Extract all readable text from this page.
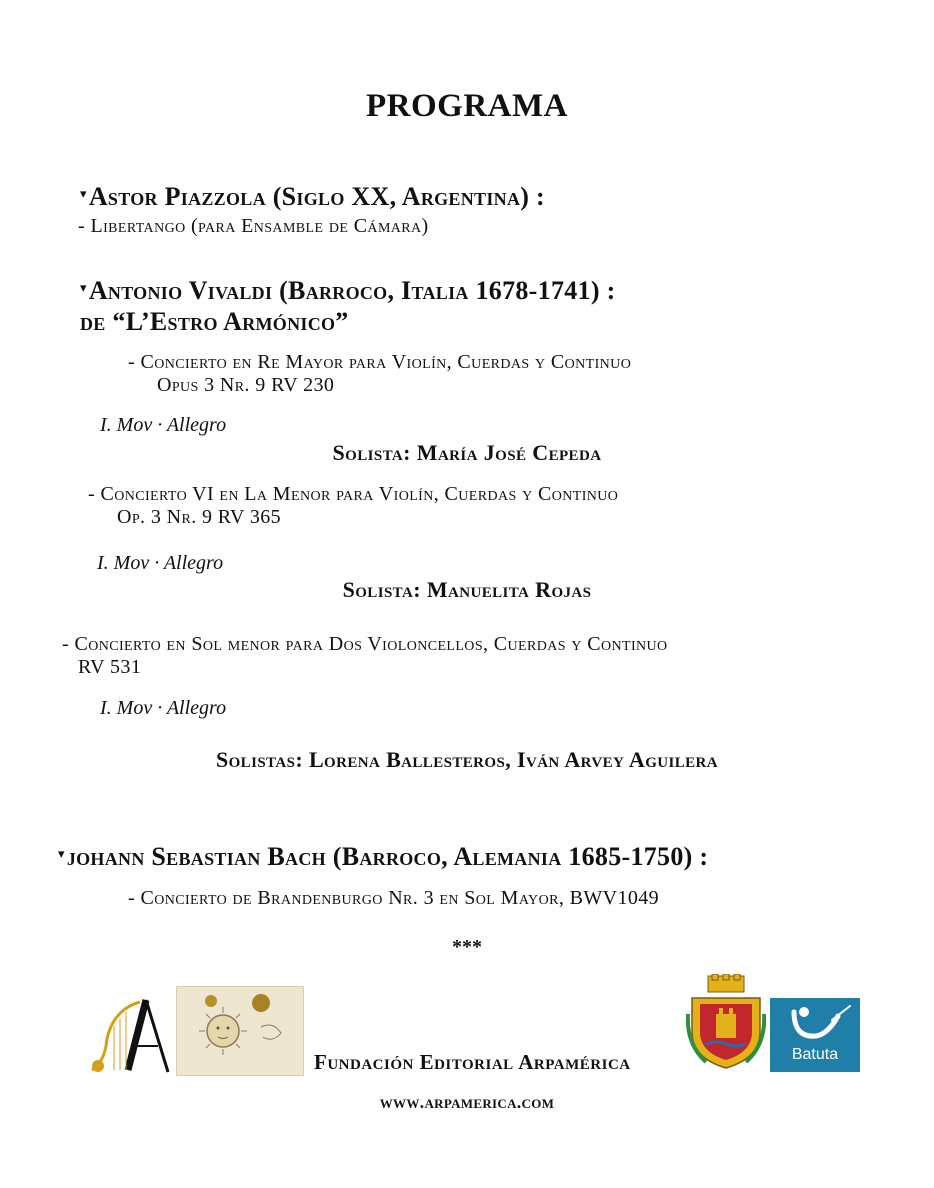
PROGRAMA
▾Astor Piazzola (Siglo XX, Argentina) :
- Libertango (para Ensamble de Cámara)
▾Antonio Vivaldi (Barroco, Italia 1678-1741) :
de “L’Estro Armónico”
- Concierto en Re Mayor para Violín, Cuerdas y Continuo
Opus 3 Nr. 9 RV 230
I. Mov · Allegro
Solista: María José Cepeda
- Concierto VI en La Menor para Violín, Cuerdas y Continuo
Op. 3 Nr. 9 RV 365
I. Mov · Allegro
Solista: Manuelita Rojas
- Concierto en Sol menor para Dos Violoncellos, Cuerdas y Continuo
RV 531
I. Mov · Allegro
Solistas: Lorena Ballesteros, Iván Arvey Aguilera
▾johann Sebastian Bach (Barroco, Alemania 1685-1750) :
- Concierto de Brandenburgo Nr. 3 en Sol Mayor, BWV1049
***
Fundación Editorial Arpamérica
www.arpamerica.com
Batuta
